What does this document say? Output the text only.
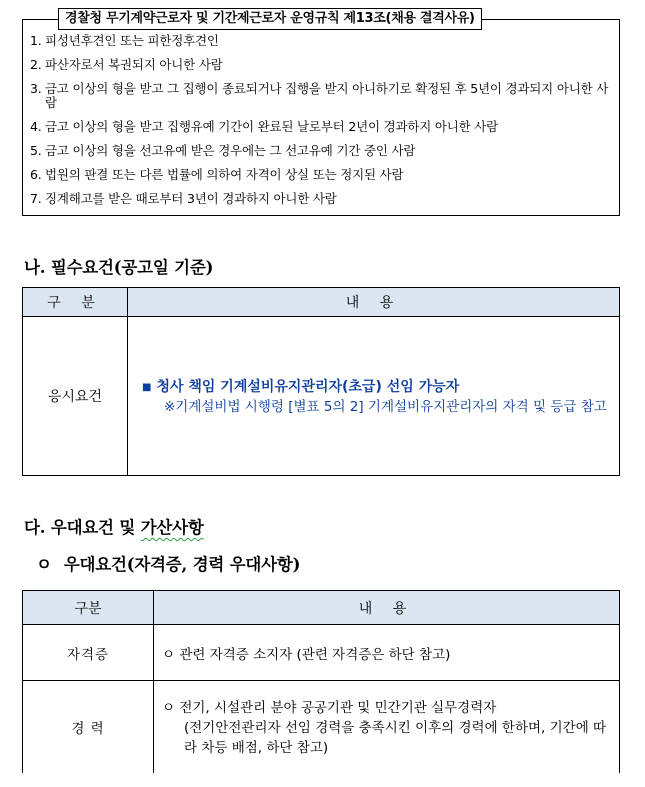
경찰청 무기계약근로자 및 기간제근로자 운영규칙 제13조(채용 결격사유)
1. 피성년후견인 또는 피한정후견인
2. 파산자로서 복권되지 아니한 사람
3. 금고 이상의 형을 받고 그 집행이 종료되거나 집행을 받지 아니하기로 확정된 후 5년이 경과되지 아니한 사람
4. 금고 이상의 형을 받고 집행유예 기간이 완료된 날로부터 2년이 경과하지 아니한 사람
5. 금고 이상의 형을 선고유예 받은 경우에는 그 선고유예 기간 중인 사람
6. 법원의 판결 또는 다른 법률에 의하여 자격이 상실 또는 정지된 사람
7. 징계해고를 받은 때로부터 3년이 경과하지 아니한 사람
나. 필수요건(공고일 기준)
구 분	내 용
응시요건	■ 청사 책임 기계설비유지관리자(초급) 선임 가능자
※기계설비법 시행령 [별표 5의 2] 기계설비유지관리자의 자격 및 등급 참고
다. 우대요건 및 가산사항
ㅇ 우대요건(자격증, 경력 우대사항)
구분	내 용
자격증	ㅇ 관련 자격증 소지자 (관련 자격증은 하단 참고)

경 력	ㅇ 전기, 시설관리 분야 공공기관 및 민간기관 실무경력자
(전기안전관리자 선임 경력을 충족시킨 이후의 경력에 한하며, 기간에 따라 차등 배점, 하단 참고)
